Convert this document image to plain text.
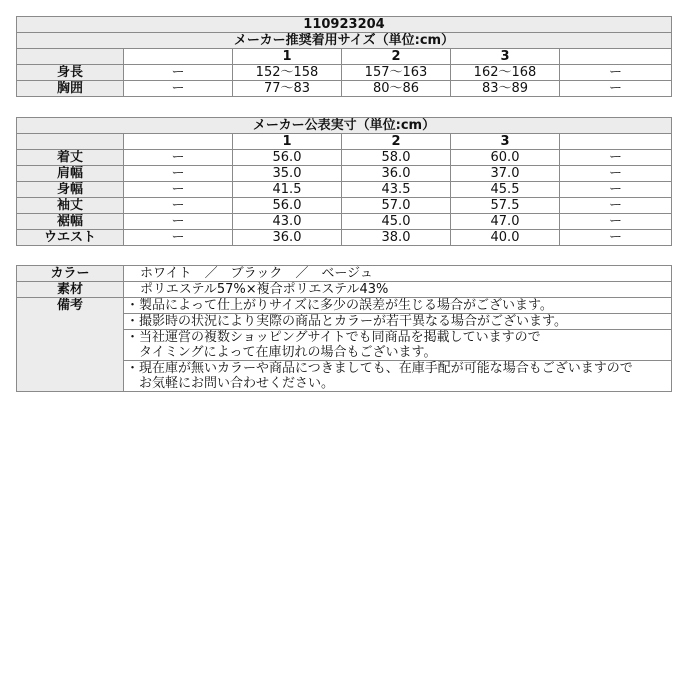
110923204					
メーカー推奨着用サイズ（単位:cm）					
		1	2	3	
身長	ー	152～158	157～163	162～168	ー
胸囲	ー	77～83	80～86	83～89	ー
メーカー公表実寸（単位:cm）					
		1	2	3	
着丈	ー	56.0	58.0	60.0	ー
肩幅	ー	35.0	36.0	37.0	ー
身幅	ー	41.5	43.5	45.5	ー
袖丈	ー	56.0	57.0	57.5	ー
裾幅	ー	43.0	45.0	47.0	ー
ウエスト	ー	36.0	38.0	40.0	ー
カラー	ホワイト　／　ブラック　／　ベージュ
素材	ポリエステル57%×複合ポリエステル43%
備考	・製品によって仕上がりサイズに多少の誤差が生じる場合がございます。
	・撮影時の状況により実際の商品とカラーが若干異なる場合がございます。

	・当社運営の複数ショッピングサイトでも同商品を掲載していますので
　タイミングによって在庫切れの場合もございます。

	・現在庫が無いカラーや商品につきましても、在庫手配が可能な場合もございますので
　お気軽にお問い合わせください。
